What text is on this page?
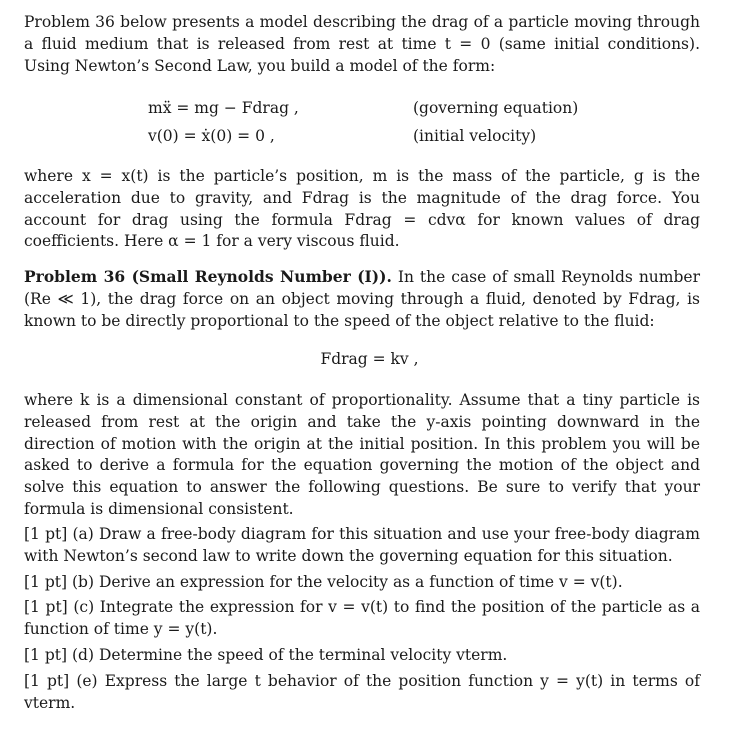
Problem 36 below presents a model describing the drag of a particle moving through a fluid medium that is released from rest at time t = 0 (same initial conditions). Using Newton’s Second Law, you build a model of the form:

mẍ = mg − Fdrag ,	(governing equation)
v(0) = ẋ(0) = 0 ,	(initial velocity)

where x = x(t) is the particle’s position, m is the mass of the particle, g is the acceleration due to gravity, and Fdrag is the magnitude of the drag force. You account for drag using the formula Fdrag = cdvα for known values of drag coefficients. Here α = 1 for a very viscous fluid.

Problem 36 (Small Reynolds Number (I)). In the case of small Reynolds number (Re ≪ 1), the drag force on an object moving through a fluid, denoted by Fdrag, is known to be directly proportional to the speed of the object relative to the fluid:

Fdrag = kv ,

where k is a dimensional constant of proportionality. Assume that a tiny particle is released from rest at the origin and take the y-axis pointing downward in the direction of motion with the origin at the initial position. In this problem you will be asked to derive a formula for the equation governing the motion of the object and solve this equation to answer the following questions. Be sure to verify that your formula is dimensional consistent.

[1 pt] (a) Draw a free-body diagram for this situation and use your free-body diagram with Newton’s second law to write down the governing equation for this situation.
[1 pt] (b) Derive an expression for the velocity as a function of time v = v(t).
[1 pt] (c) Integrate the expression for v = v(t) to find the position of the particle as a function of time y = y(t).
[1 pt] (d) Determine the speed of the terminal velocity vterm.
[1 pt] (e) Express the large t behavior of the position function y = y(t) in terms of vterm.
